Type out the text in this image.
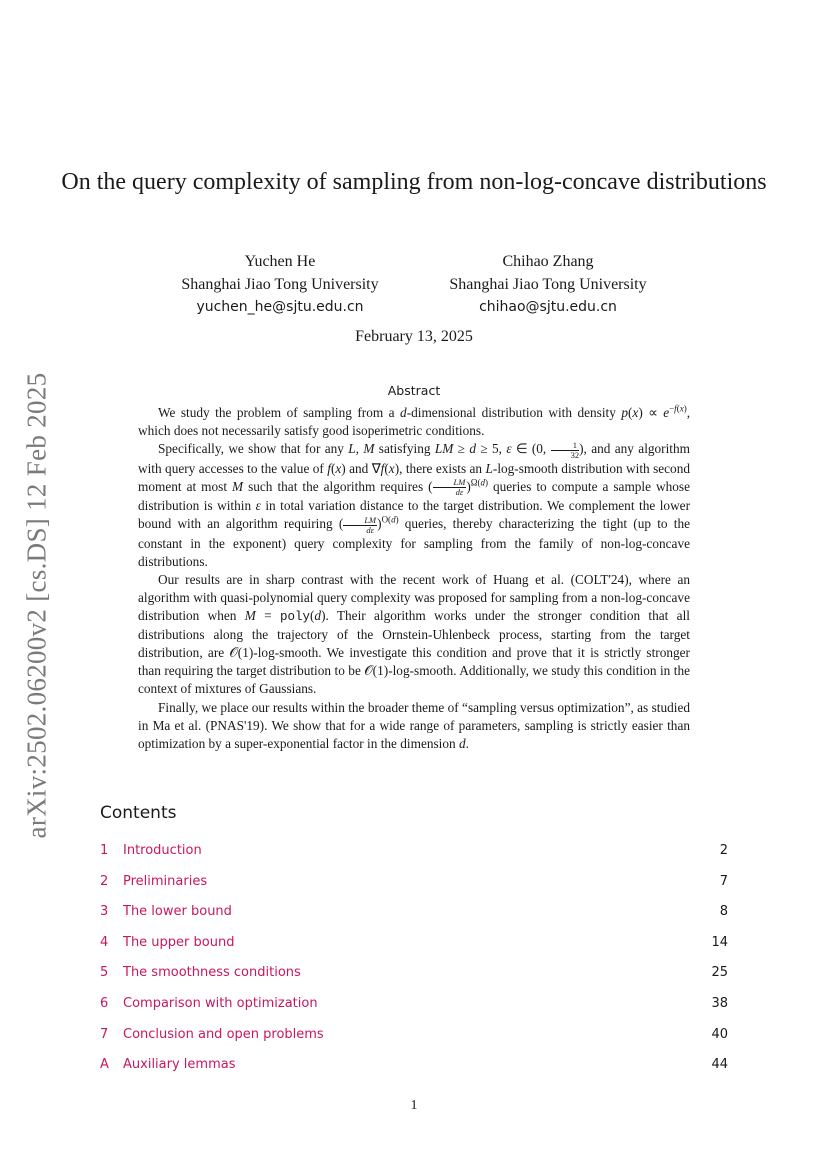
arXiv:2502.06200v2 [cs.DS] 12 Feb 2025
On the query complexity of sampling from non-log-concave distributions
Yuchen He
Shanghai Jiao Tong University
yuchen_he@sjtu.edu.cn
Chihao Zhang
Shanghai Jiao Tong University
chihao@sjtu.edu.cn
February 13, 2025
Abstract

We study the problem of sampling from a d-dimensional distribution with density $p(x) \propto e^{-f(x)}$, which does not necessarily satisfy good isoperimetric conditions.

Specifically, we show that for any L, M satisfying LM ≥ d ≥ 5, ε ∈ (0, $\frac{1}{32}$ ), and any algorithm with query accesses to the value of f(x) and ∇f(x), there exists an L-log-smooth distribution with second moment at most M such that the algorithm requires ( $\frac{LM}{d\varepsilon} )^{\Omega(d)}$ queries to compute a sample whose distribution is within ε in total variation distance to the target distribution. We complement the lower bound with an algorithm requiring ( $\frac{LM}{d\varepsilon} )^{O(d)}$ queries, thereby characterizing the tight (up to the constant in the exponent) query complexity for sampling from the family of non-log-concave distributions.

Our results are in sharp contrast with the recent work of Huang et al. (COLT'24), where an algorithm with quasi-polynomial query complexity was proposed for sampling from a non-log-concave distribution when M = poly(d). Their algorithm works under the stronger condition that all distributions along the trajectory of the Ornstein-Uhlenbeck process, starting from the target distribution, are 𝒪(1)-log-smooth. We investigate this condition and prove that it is strictly stronger than requiring the target distribution to be 𝒪(1)-log-smooth. Additionally, we study this condition in the context of mixtures of Gaussians.

Finally, we place our results within the broader theme of “sampling versus optimization”, as studied in Ma et al. (PNAS'19). We show that for a wide range of parameters, sampling is strictly easier than optimization by a super-exponential factor in the dimension d.

Contents
1 Introduction	2
2 Preliminaries	7
3 The lower bound	8
4 The upper bound	14
5 The smoothness conditions	25
6 Comparison with optimization	38
7 Conclusion and open problems	40
A Auxiliary lemmas	44
1
